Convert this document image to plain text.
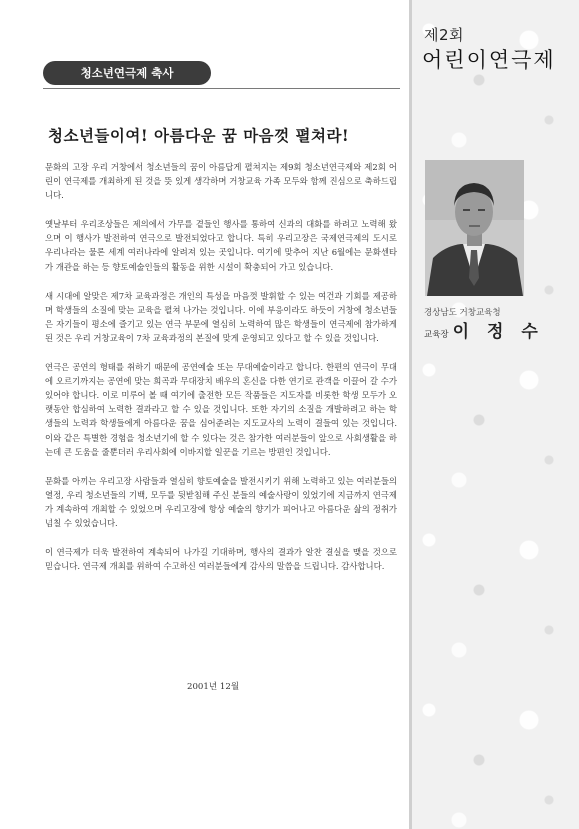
제2회
어린이연극제
경상남도 거창교육청
교육장 이 정 수
청소년연극제 축사
청소년들이여! 아름다운 꿈 마음껏 펼쳐라!

문화의 고장 우리 거창에서 청소년들의 꿈이 아름답게 펼쳐지는 제9회 청소년연극제와 제2회 어린이 연극제를 개최하게 된 것을 뜻 있게 생각하며 거창교육 가족 모두와 함께 진심으로 축하드립니다.

옛날부터 우리조상들은 제의에서 가무를 곁들인 행사를 통하여 신과의 대화를 하려고 노력해 왔으며 이 행사가 발전하여 연극으로 발전되었다고 합니다. 특히 우리고장은 국제연극제의 도시로 우리나라는 물론 세계 여러나라에 알려져 있는 곳입니다. 여기에 맞추어 지난 6월에는 문화센타가 개관을 하는 등 향토예술인들의 활동을 위한 시설이 확충되어 가고 있습니다.

새 시대에 알맞은 제7차 교육과정은 개인의 특성을 마음껏 발휘할 수 있는 여건과 기회를 제공하며 학생들의 소질에 맞는 교육을 펼쳐 나가는 것입니다. 이에 부응이라도 하듯이 거창에 청소년들은 자기들이 평소에 즐기고 있는 연극 부문에 열심히 노력하여 많은 학생들이 연극제에 참가하게 된 것은 우리 거창교육이 7차 교육과정의 본질에 맞게 운영되고 있다고 할 수 있을 것입니다.

연극은 공연의 형태를 취하기 때문에 공연예술 또는 무대예술이라고 합니다. 한편의 연극이 무대에 오르기까지는 공연에 맞는 희곡과 무대장치 배우의 혼신을 다한 연기로 관객을 이끌어 갈 수가 있어야 합니다. 이로 미루어 볼 때 여기에 출전한 모든 작품들은 지도자를 비롯한 학생 모두가 오랫동안 합심하여 노력한 결과라고 할 수 있을 것입니다. 또한 자기의 소질을 개발하려고 하는 학생들의 노력과 학생들에게 아름다운 꿈을 심어준려는 지도교사의 노력이 결들여 있는 것입니다. 이와 같은 특별한 경험을 청소년기에 할 수 있다는 것은 참가한 여러분들이 앞으로 사회생활을 하는데 큰 도움을 줄뿐더러 우리사회에 이바지할 일꾼을 기르는 방편인 것입니다.

문화를 아끼는 우리고장 사람들과 열심히 향토예술을 발전시키기 위해 노력하고 있는 여러분들의 열정, 우리 청소년들의 기백, 모두를 뒷받침해 주신 분들의 예술사랑이 있었기에 지금까지 연극제가 계속하여 개최할 수 있었으며 우리고장에 항상 예술의 향기가 피어나고 아름다운 삶의 정취가 넘칠 수 있었습니다.

이 연극제가 더욱 발전하여 계속되어 나가길 기대하며, 행사의 결과가 알찬 결실을 맺을 것으로 믿습니다. 연극제 개최를 위하여 수고하신 여러분들에게 감사의 말씀을 드립니다. 감사합니다.

2001년 12월
